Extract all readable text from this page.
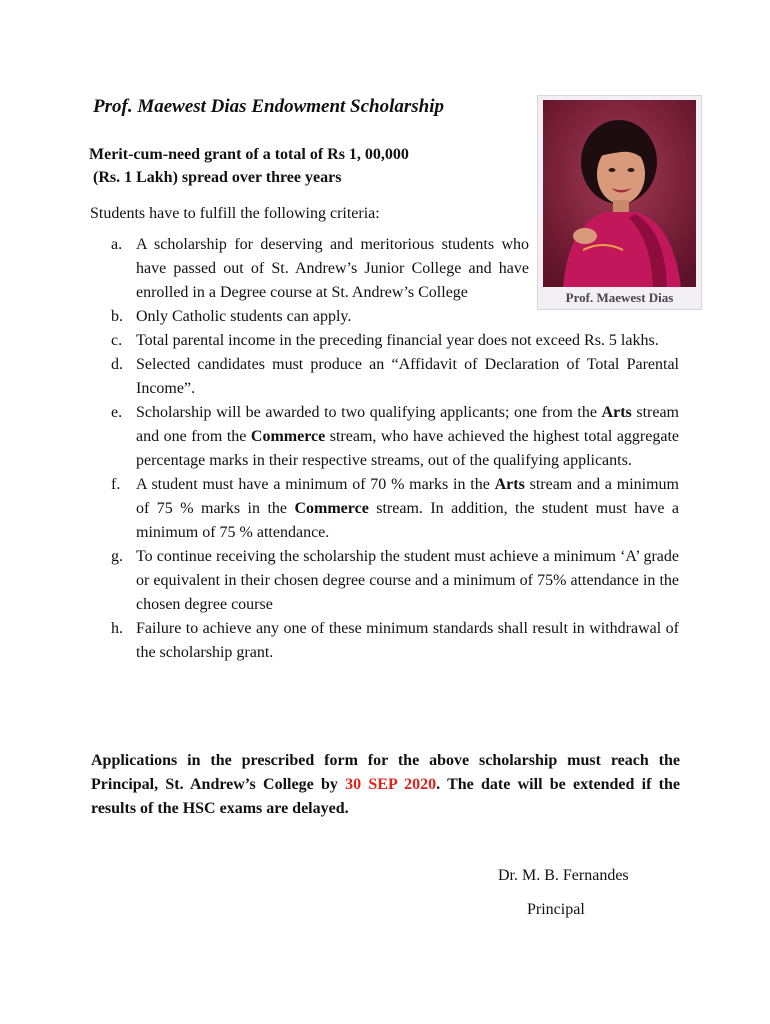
Prof. Maewest Dias Endowment Scholarship
Merit-cum-need grant of a total of Rs 1, 00,000
(Rs. 1 Lakh) spread over three years
Students have to fulfill the following criteria:
Prof. Maewest Dias
a. A scholarship for deserving and meritorious students who have passed out of St. Andrew’s Junior College and have enrolled in a Degree course at St. Andrew’s College
b. Only Catholic students can apply.
c. Total parental income in the preceding financial year does not exceed Rs. 5 lakhs.
d. Selected candidates must produce an “Affidavit of Declaration of Total Parental Income”.
e. Scholarship will be awarded to two qualifying applicants; one from the Arts stream and one from the Commerce stream, who have achieved the highest total aggregate percentage marks in their respective streams, out of the qualifying applicants.
f. A student must have a minimum of 70 % marks in the Arts stream and a minimum of 75 % marks in the Commerce stream. In addition, the student must have a minimum of 75 % attendance.
g. To continue receiving the scholarship the student must achieve a minimum ‘A’ grade or equivalent in their chosen degree course and a minimum of 75% attendance in the chosen degree course
h. Failure to achieve any one of these minimum standards shall result in withdrawal of the scholarship grant.
Applications in the prescribed form for the above scholarship must reach the Principal, St. Andrew’s College by 30 SEP 2020. The date will be extended if the results of the HSC exams are delayed.
Dr. M. B. Fernandes
Principal
